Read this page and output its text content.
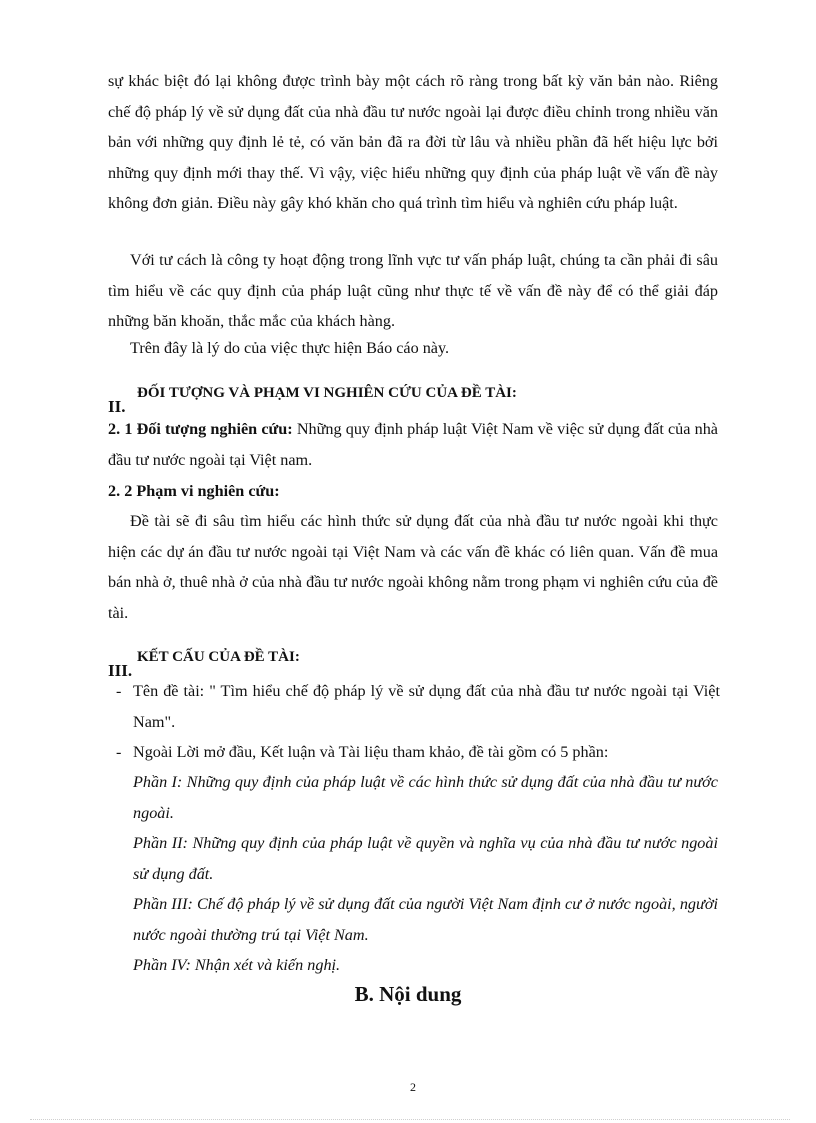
sự khác biệt đó lại không được trình bày một cách rõ ràng trong bất kỳ văn bản nào. Riêng chế độ pháp lý về sử dụng đất của nhà đầu tư nước ngoài lại được điều chỉnh trong nhiều văn bản với những quy định lẻ tẻ, có văn bản đã ra đời từ lâu và nhiều phần đã hết hiệu lực bởi những quy định mới thay thế. Vì vậy, việc hiểu những quy định của pháp luật về vấn đề này không đơn giản. Điều này gây khó khăn cho quá trình tìm hiểu và nghiên cứu pháp luật.
Với tư cách là công ty hoạt động trong lĩnh vực tư vấn pháp luật, chúng ta cần phải đi sâu tìm hiểu về các quy định của pháp luật cũng như thực tế về vấn đề này để có thể giải đáp những băn khoăn, thắc mắc của khách hàng.
Trên đây là lý do của việc thực hiện Báo cáo này.
II.
ĐỐI TƯỢNG VÀ PHẠM VI NGHIÊN CỨU CỦA ĐỀ TÀI:
2. 1 Đối tượng nghiên cứu: Những quy định pháp luật Việt Nam về việc sử dụng đất của nhà đầu tư nước ngoài tại Việt nam.
2. 2 Phạm vi nghiên cứu:
Đề tài sẽ đi sâu tìm hiểu các hình thức sử dụng đất của nhà đầu tư nước ngoài khi thực hiện các dự án đầu tư nước ngoài tại Việt Nam và các vấn đề khác có liên quan. Vấn đề mua bán nhà ở, thuê nhà ở của nhà đầu tư nước ngoài không nằm trong phạm vi nghiên cứu của đề tài.
III.
KẾT CẤU CỦA ĐỀ TÀI:
- Tên đề tài: " Tìm hiểu chế độ pháp lý về sử dụng đất của nhà đầu tư nước ngoài tại Việt Nam".
- Ngoài Lời mở đầu, Kết luận và Tài liệu tham khảo, đề tài gồm có 5 phần:
Phần I: Những quy định của pháp luật về các hình thức sử dụng đất của nhà đầu tư nước ngoài.
Phần II: Những quy định của pháp luật về quyền và nghĩa vụ của nhà đầu tư nước ngoài sử dụng đất.
Phần III: Chế độ pháp lý về sử dụng đất của người Việt Nam định cư ở nước ngoài, người nước ngoài thường trú tại Việt Nam.
Phần IV: Nhận xét và kiến nghị.
B. Nội dung
2
